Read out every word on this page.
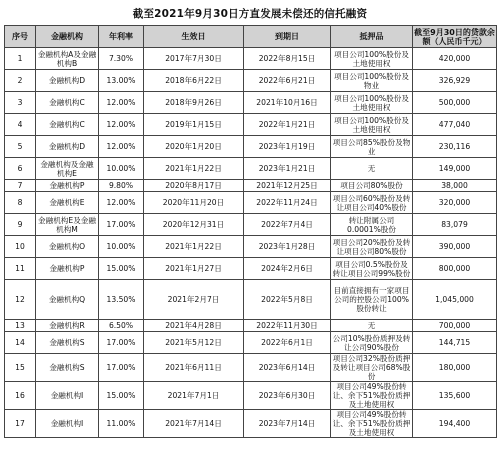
截至2021年9月30日方直发展未偿还的信托融资
序号	金融机构	年利率	生效日	到期日	抵押品	截至9月30日的贷款余额（人民币千元）
1	金融机构A及金融机构B	7.30%	2017年7月30日	2022年8月15日	项目公司100%股份及土地使用权	420,000
2	金融机构D	13.00%	2018年6月22日	2022年6月21日	项目公司100%股份及物业	326,929
3	金融机构C	12.00%	2018年9月26日	2021年10月16日	项目公司100%股份及土地使用权	500,000
4	金融机构C	12.00%	2019年1月15日	2022年1月21日	项目公司100%股份及土地使用权	477,040
5	金融机构D	12.00%	2020年1月20日	2023年1月19日	项目公司85%股份及物业	230,116
6	金融机构及金融机构E	10.00%	2021年1月22日	2023年1月21日	无	149,000
7	金融机构P	9.80%	2020年8月17日	2021年12月25日	项目公司80%股份	38,000
8	金融机构E	12.00%	2020年11月20日	2022年11月24日	项目公司60%股份及转让项目公司40%股份	320,000
9	金融机构E及金融机构M	17.00%	2020年12月31日	2022年7月4日	转让附属公司0.0001%股份	83,079
10	金融机构O	10.00%	2021年1月22日	2023年1月28日	项目公司20%股份及转让项目公司80%股份	390,000
11	金融机构P	15.00%	2021年1月27日	2024年2月6日	项目公司0.5%股份及转让项目公司99%股份	800,000
12	金融机构Q	13.50%	2021年2月7日	2022年5月8日	目前直接拥有一家项目公司的控股公司100%股份转让	1,045,000
13	金融机构R	6.50%	2021年4月28日	2022年11月30日	无	700,000
14	金融机构S	17.00%	2021年5月12日	2022年6月1日	公司10%股份质押及转让公司90%股份	144,715
15	金融机构S	17.00%	2021年6月11日	2023年6月14日	项目公司32%股份质押及转让项目公司68%股份	180,000
16	金融机构I	15.00%	2021年7月1日	2023年6月30日	项目公司49%股份转让、余下51%股份质押及土地使用权	135,600
17	金融机构I	11.00%	2021年7月14日	2023年7月14日	项目公司49%股份转让、余下51%股份质押及土地使用权	194,400
